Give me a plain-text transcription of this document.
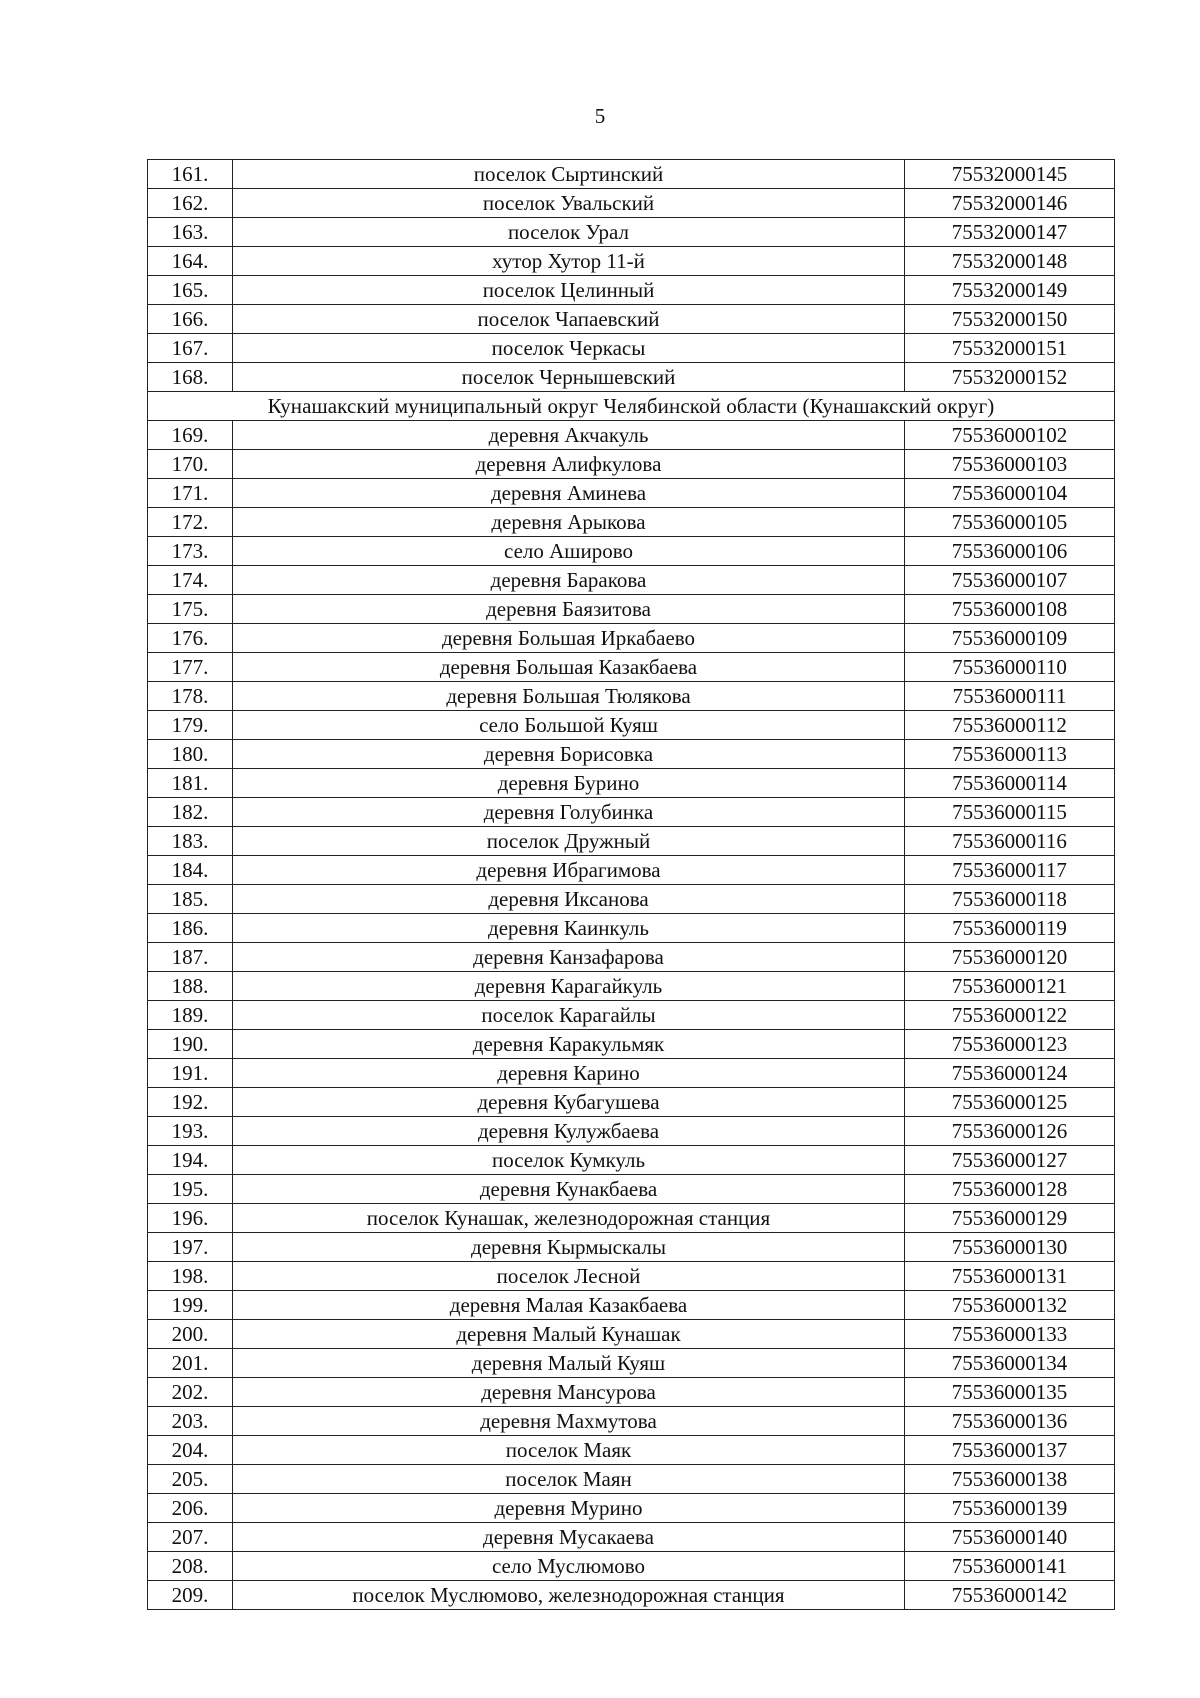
5
161.	поселок Сыртинский	75532000145
162.	поселок Увальский	75532000146
163.	поселок Урал	75532000147
164.	хутор Хутор 11-й	75532000148
165.	поселок Целинный	75532000149
166.	поселок Чапаевский	75532000150
167.	поселок Черкасы	75532000151
168.	поселок Чернышевский	75532000152
Кунашакский муниципальный округ Челябинской области (Кунашакский округ)		
169.	деревня Акчакуль	75536000102
170.	деревня Алифкулова	75536000103
171.	деревня Аминева	75536000104
172.	деревня Арыкова	75536000105
173.	село Аширово	75536000106
174.	деревня Баракова	75536000107
175.	деревня Баязитова	75536000108
176.	деревня Большая Иркабаево	75536000109
177.	деревня Большая Казакбаева	75536000110
178.	деревня Большая Тюлякова	75536000111
179.	село Большой Куяш	75536000112
180.	деревня Борисовка	75536000113
181.	деревня Бурино	75536000114
182.	деревня Голубинка	75536000115
183.	поселок Дружный	75536000116
184.	деревня Ибрагимова	75536000117
185.	деревня Иксанова	75536000118
186.	деревня Каинкуль	75536000119
187.	деревня Канзафарова	75536000120
188.	деревня Карагайкуль	75536000121
189.	поселок Карагайлы	75536000122
190.	деревня Каракульмяк	75536000123
191.	деревня Карино	75536000124
192.	деревня Кубагушева	75536000125
193.	деревня Кулужбаева	75536000126
194.	поселок Кумкуль	75536000127
195.	деревня Кунакбаева	75536000128
196.	поселок Кунашак, железнодорожная станция	75536000129
197.	деревня Кырмыскалы	75536000130
198.	поселок Лесной	75536000131
199.	деревня Малая Казакбаева	75536000132
200.	деревня Малый Кунашак	75536000133
201.	деревня Малый Куяш	75536000134
202.	деревня Мансурова	75536000135
203.	деревня Махмутова	75536000136
204.	поселок Маяк	75536000137
205.	поселок Маян	75536000138
206.	деревня Мурино	75536000139
207.	деревня Мусакаева	75536000140
208.	село Муслюмово	75536000141
209.	поселок Муслюмово, железнодорожная станция	75536000142
